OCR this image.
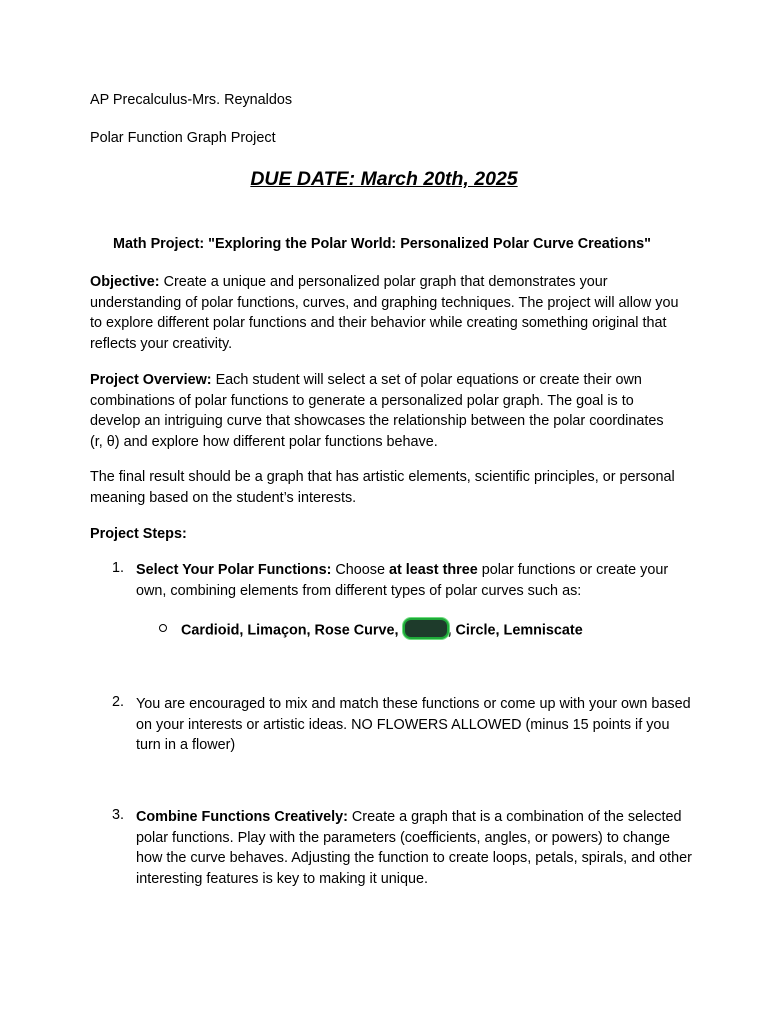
AP Precalculus-Mrs. Reynaldos
Polar Function Graph Project
DUE DATE: March 20th, 2025
Math Project: "Exploring the Polar World: Personalized Polar Curve Creations"
Objective: Create a unique and personalized polar graph that demonstrates your understanding of polar functions, curves, and graphing techniques. The project will allow you to explore different polar functions and their behavior while creating something original that reflects your creativity.
Project Overview: Each student will select a set of polar equations or create their own combinations of polar functions to generate a personalized polar graph. The goal is to develop an intriguing curve that showcases the relationship between the polar coordinates (r, θ) and explore how different polar functions behave.
The final result should be a graph that has artistic elements, scientific principles, or personal meaning based on the student’s interests.
Project Steps:
1. Select Your Polar Functions: Choose at least three polar functions or create your own, combining elements from different types of polar curves such as:
Cardioid, Limaçon, Rose Curve,	, Circle, Lemniscate
2. You are encouraged to mix and match these functions or come up with your own based on your interests or artistic ideas. NO FLOWERS ALLOWED (minus 15 points if you turn in a flower)
3. Combine Functions Creatively: Create a graph that is a combination of the selected polar functions. Play with the parameters (coefficients, angles, or powers) to change how the curve behaves. Adjusting the function to create loops, petals, spirals, and other interesting features is key to making it unique.
